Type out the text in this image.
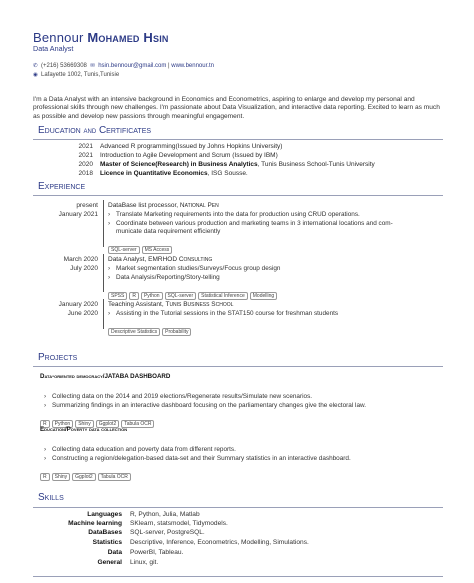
Bennour Mohamed Hsin
Data Analyst
✆ (+216) 53669308 ✉ hsin.bennour@gmail.com | www.bennour.tn
◉ Lafayette 1002, Tunis,Tunisie
I'm a Data Analyst with an intensive background in Economics and Econometrics, aspiring to enlarge and develop my personal and professional skills through new challenges. I'm passionate about Data Visualization, and interactive data reporting. Excited to learn as much as possible and develop new passions through meaningful engagement.
Education and Certificates
2021 Advanced R programming(Issued by Johns Hopkins University)
2021 Introduction to Agile Development and Scrum (Issued by IBM)
2020 Master of Science(Research) in Business Analytics, Tunis Business School-Tunis University
2018 Licence in Quantitative Economics, ISG Sousse.
Experience
present
January 2021
DataBase list processor, National Pen
› Translate Marketing requirements into the data for production using CRUD operations.
› Coordinate between various production and marketing teams in 3 international locations and com-
municate data requirement efficiently
SQL-server MS Access
March 2020
July 2020
Data Analyst, EMRHOD Consulting
› Market segmentation studies/Surveys/Focus group design
› Data Analysis/Reporting/Story-telling
SPSS R Python SQL-server Statistical Inference Modelling
January 2020
June 2020
Teaching Assistant, Tunis Business School
› Assisting in the Tutorial sessions in the STAT150 course for freshman students
Descriptive Statistics Probability
Projects
Data-oriented democracy/JATABA DASHBOARD
› Collecting data on the 2014 and 2019 elections/Regenerate results/Simulate new scenarios.
› Summarizing findings in an interactive dashboard focusing on the parliamentary changes give the electoral law.
R Python Shiny Ggplot2 Tabula OCR
Education/Poverty data collection
› Collecting data education and poverty data from different reports.
› Constructing a region/delegation-based data-set and their Summary statistics in an interactive dashboard.
R Shiny Ggplot2 Tabula OCR
Skills
Languages R, Python, Julia, Matlab
Machine learning SKlearn, statsmodel, Tidymodels.
DataBases SQL-server, PostgreSQL.
Statistics Descriptive, Inference, Econometrics, Modelling, Simulations.
Data PowerBI, Tableau.
General Linux, git.
